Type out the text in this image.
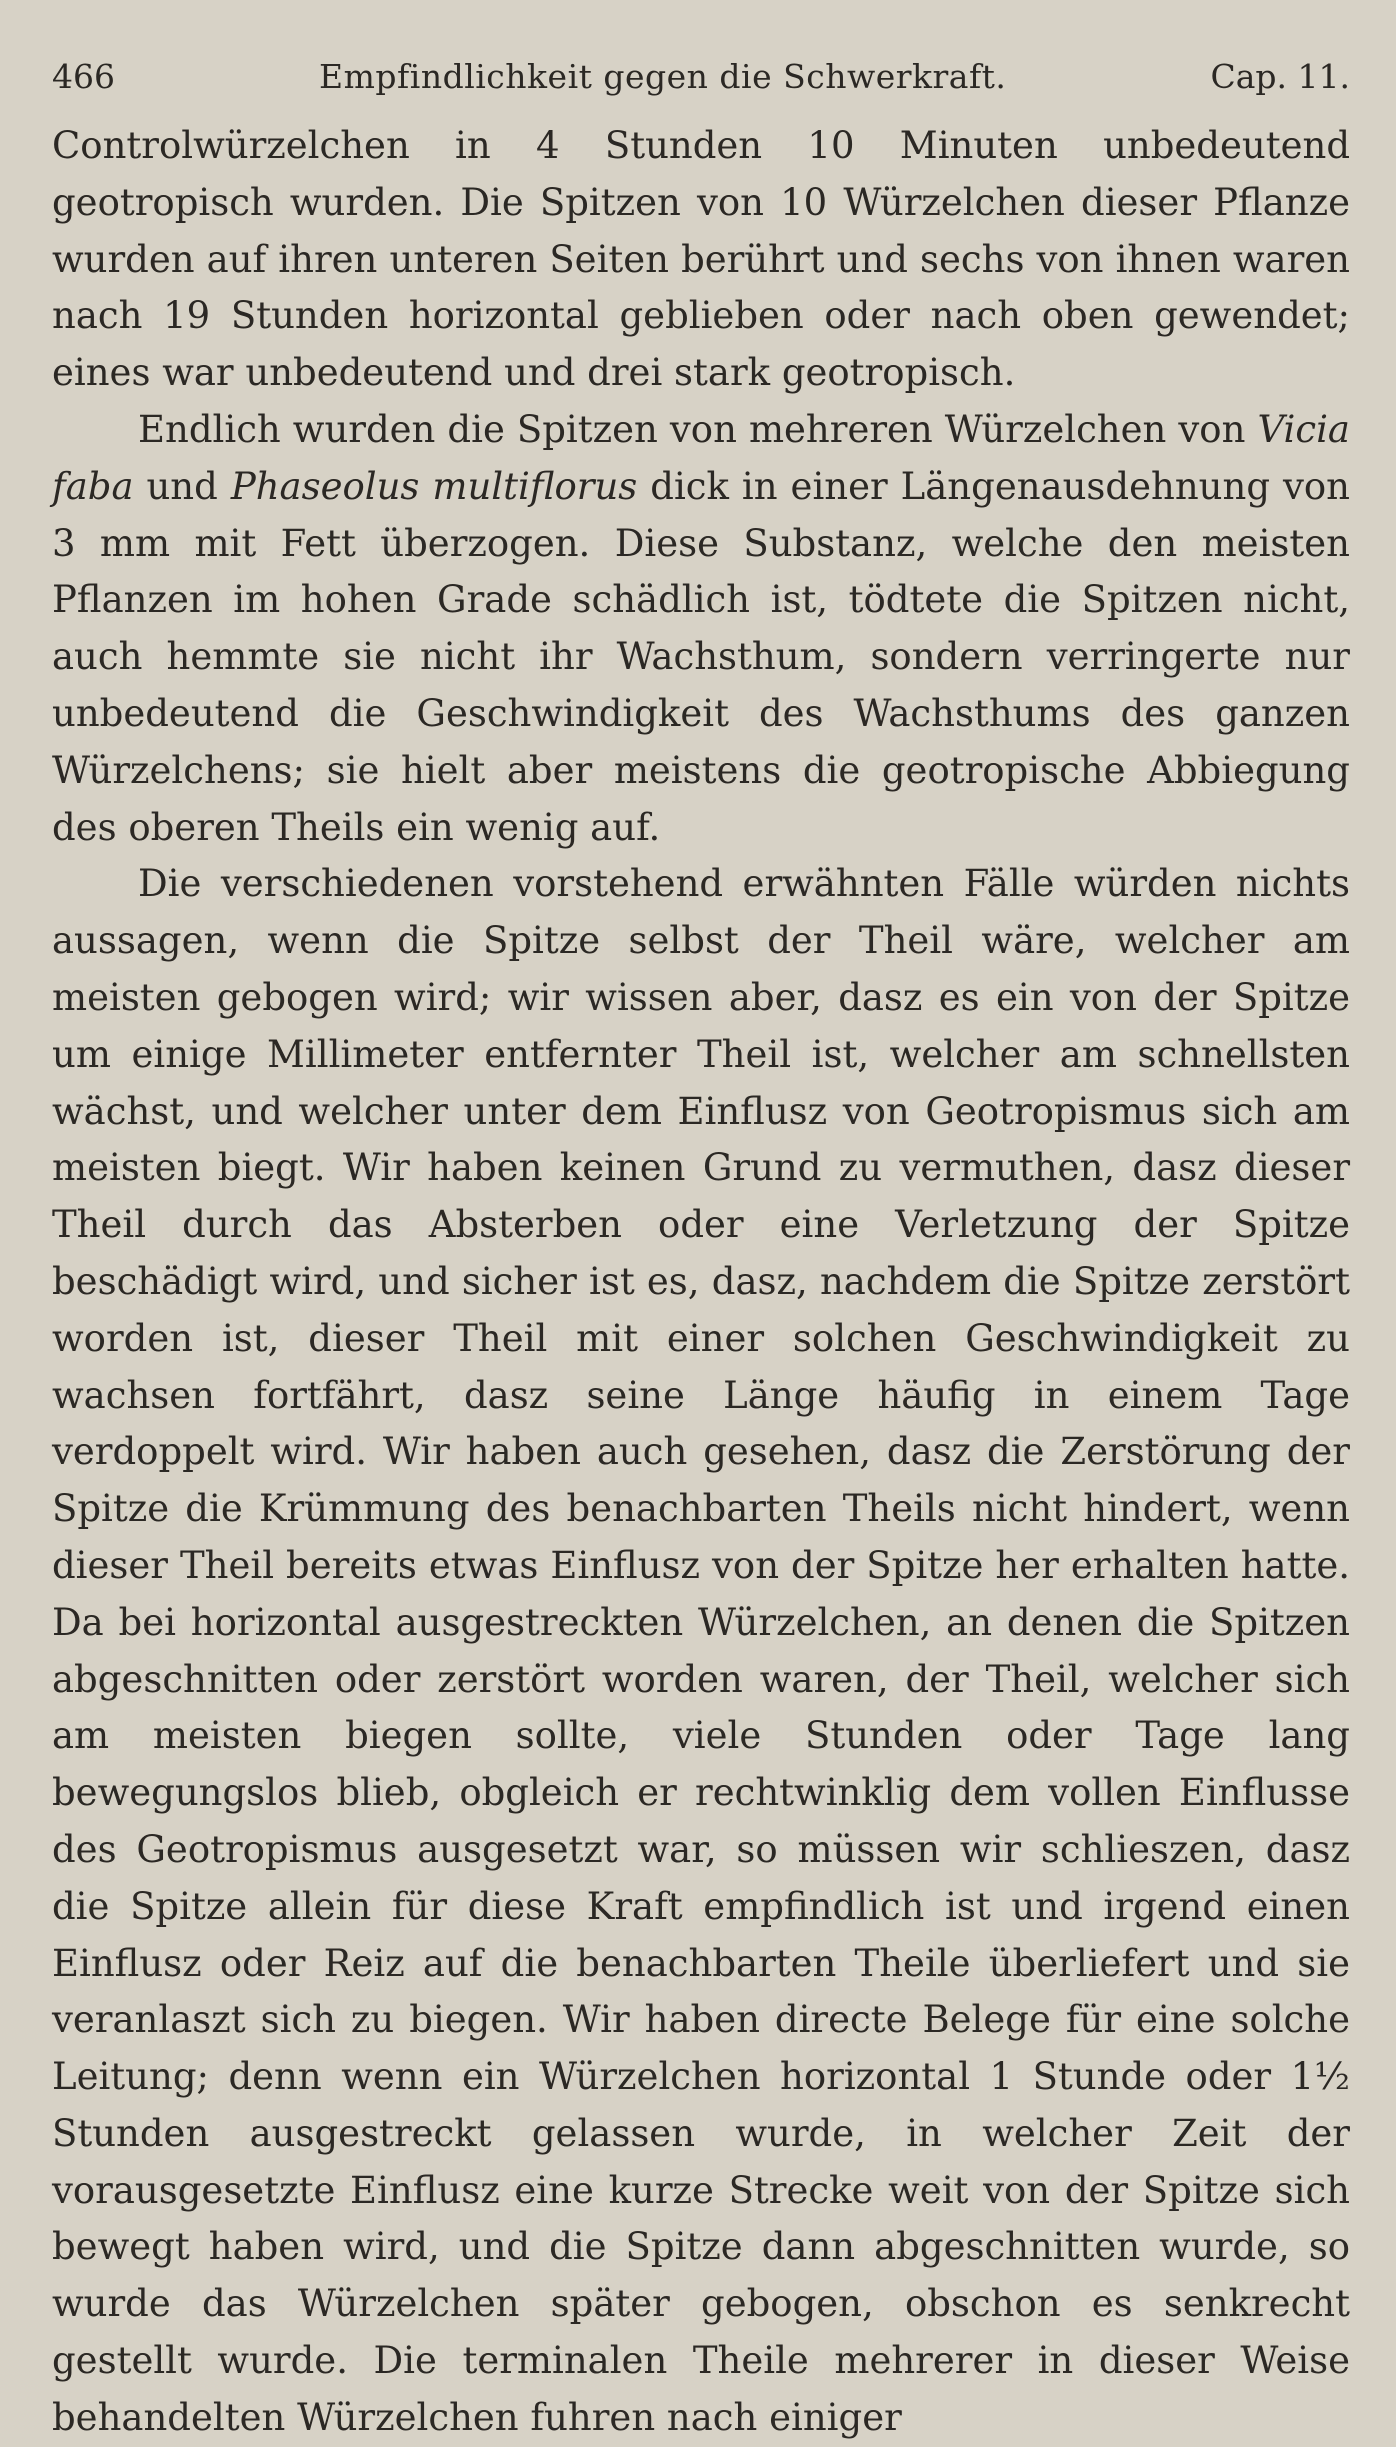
466	Empfindlichkeit gegen die Schwerkraft.	Cap. 11.

Controlwürzelchen in 4 Stunden 10 Minuten unbedeutend geotropisch wurden. Die Spitzen von 10 Würzelchen dieser Pflanze wurden auf ihren unteren Seiten berührt und sechs von ihnen waren nach 19 Stunden horizontal geblieben oder nach oben gewendet; eines war unbedeutend und drei stark geotropisch.

Endlich wurden die Spitzen von mehreren Würzelchen von Vicia faba und Phaseolus multiflorus dick in einer Längenausdehnung von 3 mm mit Fett überzogen. Diese Substanz, welche den meisten Pflanzen im hohen Grade schädlich ist, tödtete die Spitzen nicht, auch hemmte sie nicht ihr Wachsthum, sondern verringerte nur unbedeutend die Geschwindigkeit des Wachsthums des ganzen Würzelchens; sie hielt aber meistens die geotropische Abbiegung des oberen Theils ein wenig auf.

Die verschiedenen vorstehend erwähnten Fälle würden nichts aussagen, wenn die Spitze selbst der Theil wäre, welcher am meisten gebogen wird; wir wissen aber, dasz es ein von der Spitze um einige Millimeter entfernter Theil ist, welcher am schnellsten wächst, und welcher unter dem Einflusz von Geotropismus sich am meisten biegt. Wir haben keinen Grund zu vermuthen, dasz dieser Theil durch das Absterben oder eine Verletzung der Spitze beschädigt wird, und sicher ist es, dasz, nachdem die Spitze zerstört worden ist, dieser Theil mit einer solchen Geschwindigkeit zu wachsen fortfährt, dasz seine Länge häufig in einem Tage verdoppelt wird. Wir haben auch gesehen, dasz die Zerstörung der Spitze die Krümmung des benachbarten Theils nicht hindert, wenn dieser Theil bereits etwas Einflusz von der Spitze her erhalten hatte. Da bei horizontal ausgestreckten Würzelchen, an denen die Spitzen abgeschnitten oder zerstört worden waren, der Theil, welcher sich am meisten biegen sollte, viele Stunden oder Tage lang bewegungslos blieb, obgleich er rechtwinklig dem vollen Einflusse des Geotropismus ausgesetzt war, so müssen wir schlieszen, dasz die Spitze allein für diese Kraft empfindlich ist und irgend einen Einflusz oder Reiz auf die benachbarten Theile überliefert und sie veranlaszt sich zu biegen. Wir haben directe Belege für eine solche Leitung; denn wenn ein Würzelchen horizontal 1 Stunde oder 1½ Stunden ausgestreckt gelassen wurde, in welcher Zeit der vorausgesetzte Einflusz eine kurze Strecke weit von der Spitze sich bewegt haben wird, und die Spitze dann abgeschnitten wurde, so wurde das Würzelchen später gebogen, obschon es senkrecht gestellt wurde. Die terminalen Theile mehrerer in dieser Weise behandelten Würzelchen fuhren nach einiger
